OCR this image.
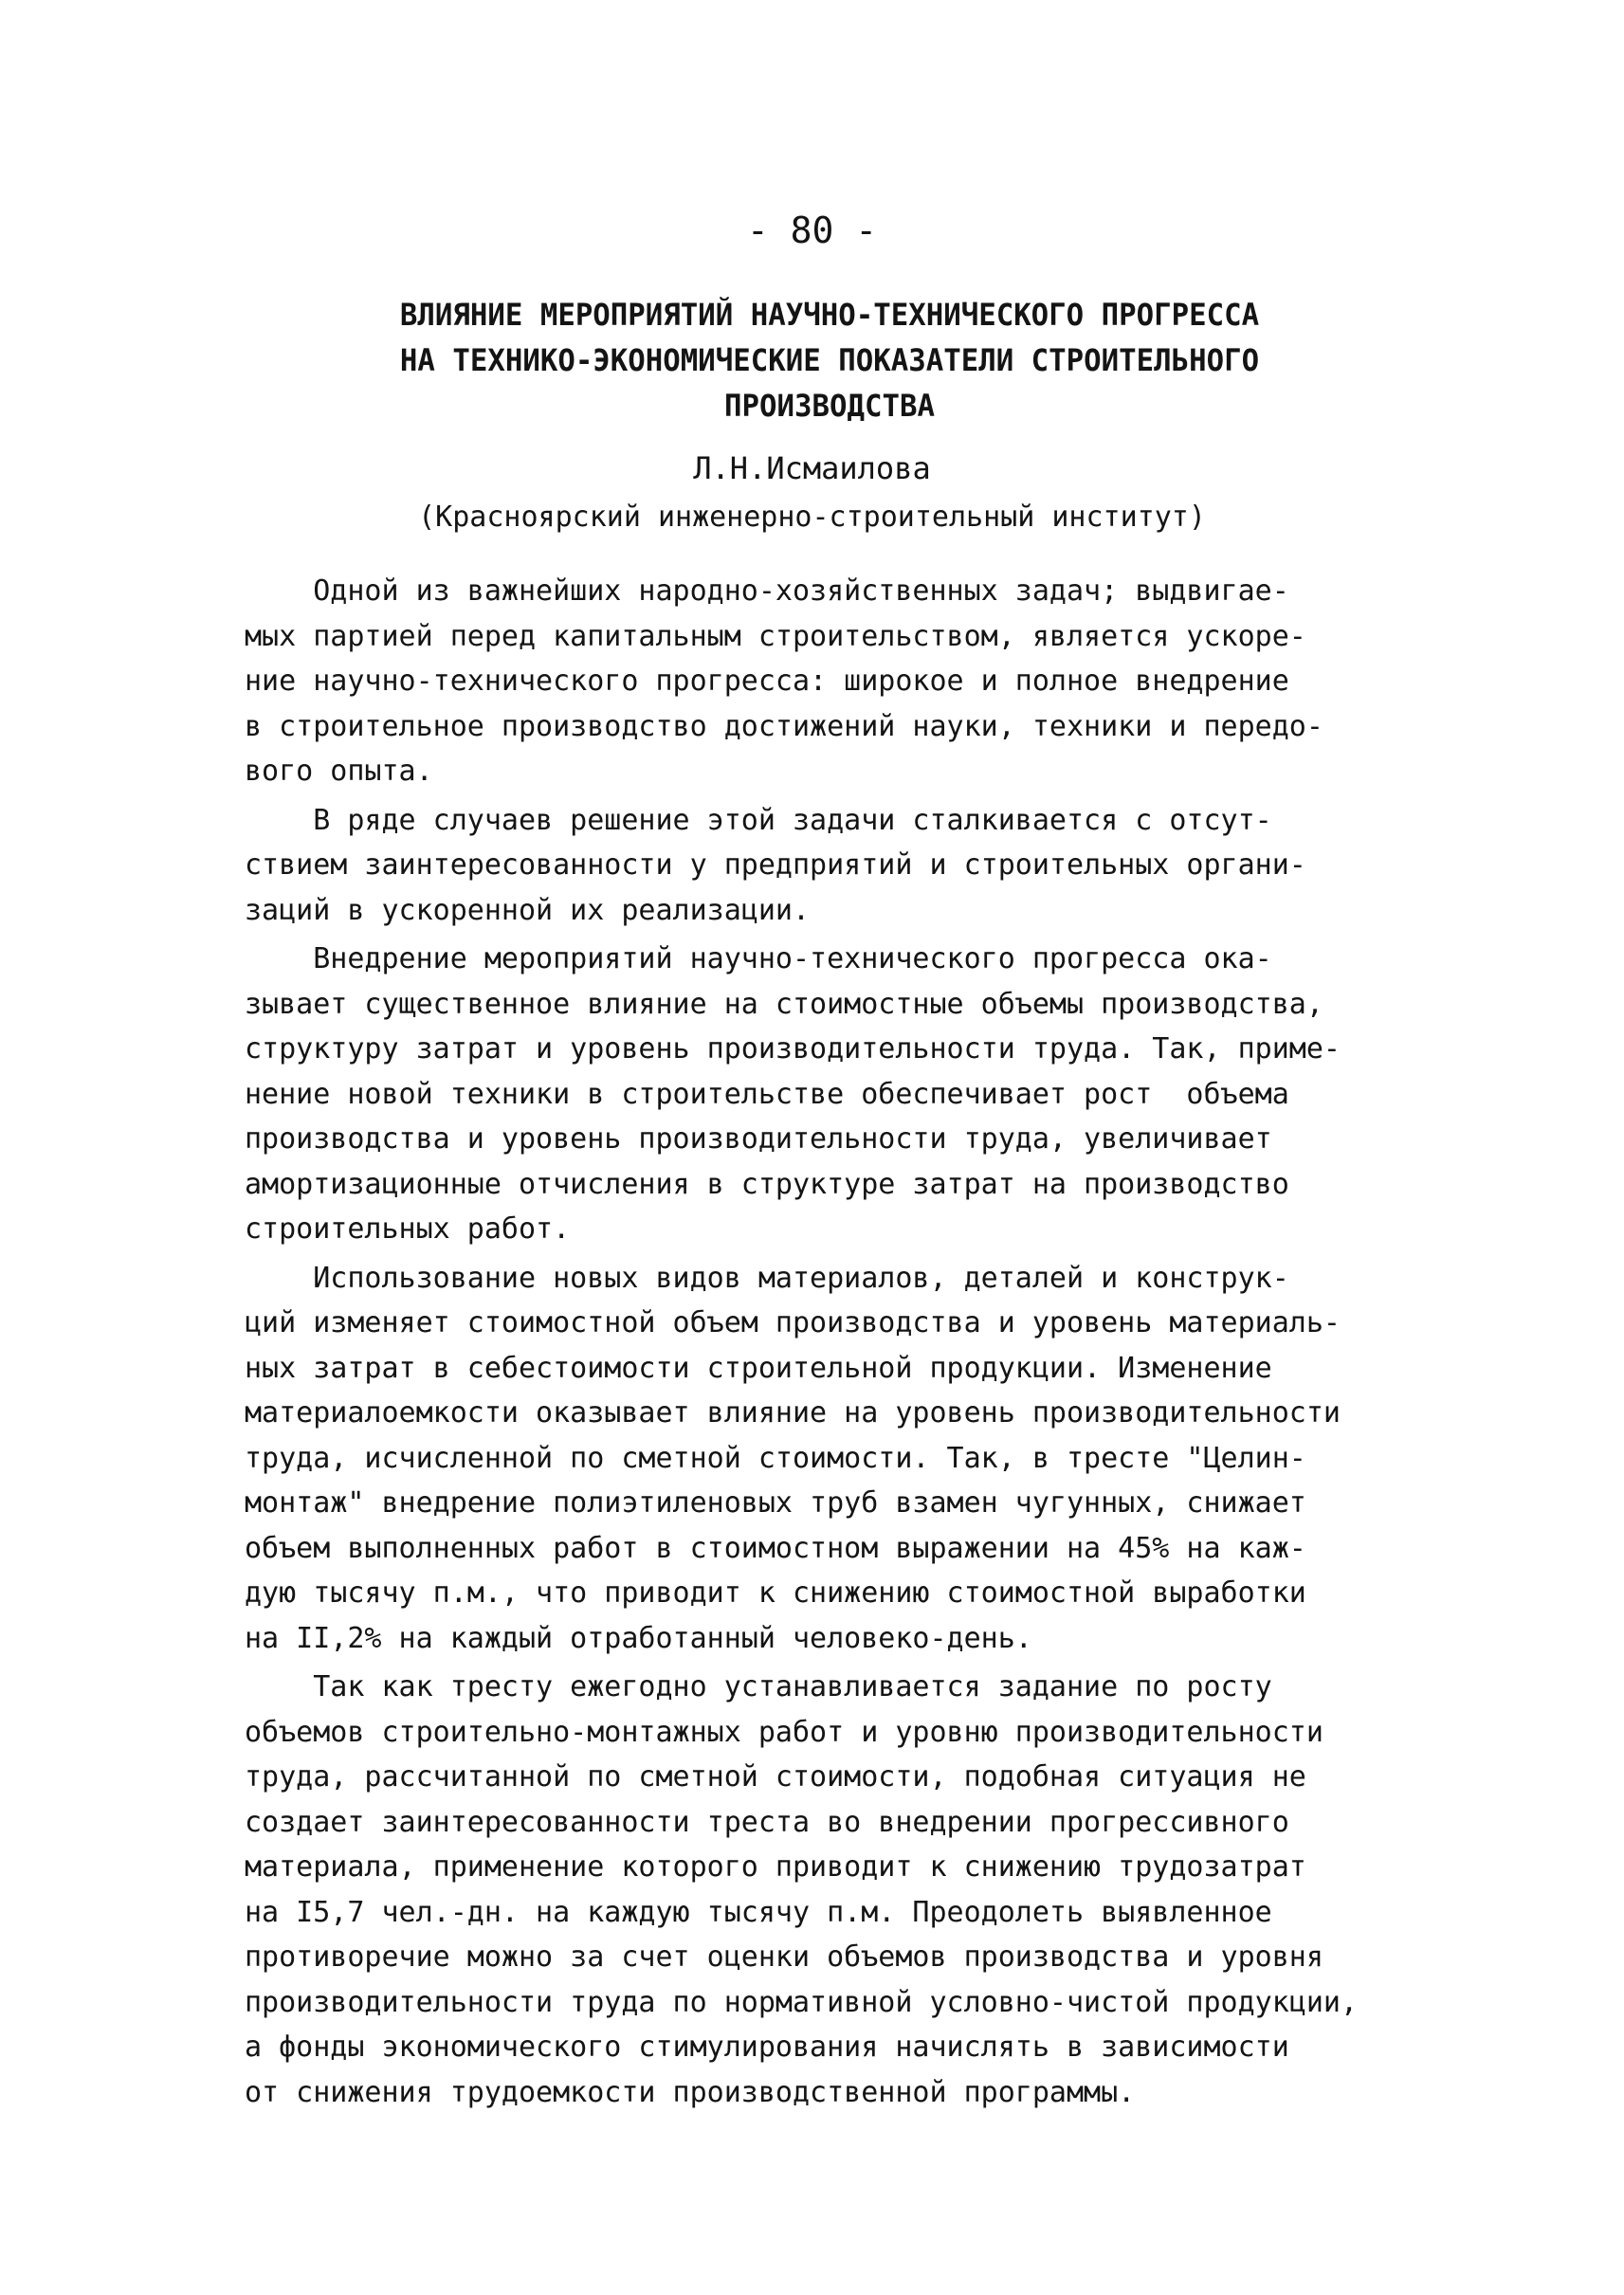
- 80 -
ВЛИЯНИЕ МЕРОПРИЯТИЙ НАУЧНО-ТЕХНИЧЕСКОГО ПРОГРЕССА
НА ТЕХНИКО-ЭКОНОМИЧЕСКИЕ ПОКАЗАТЕЛИ СТРОИТЕЛЬНОГО
ПРОИЗВОДСТВА
Л.Н.Исмаилова
(Красноярский инженерно-строительный институт)
Одной из важнейших народно-хозяйственных задач; выдвигае-
мых партией перед капитальным строительством, является ускоре-
ние научно-технического прогресса: широкое и полное внедрение
в строительное производство достижений науки, техники и передо-
вого опыта.
В ряде случаев решение этой задачи сталкивается с отсут-
ствием заинтересованности у предприятий и строительных органи-
заций в ускоренной их реализации.
Внедрение мероприятий научно-технического прогресса ока-
зывает существенное влияние на стоимостные объемы производства,
структуру затрат и уровень производительности труда. Так, приме-
нение новой техники в строительстве обеспечивает рост  объема
производства и уровень производительности труда, увеличивает
амортизационные отчисления в структуре затрат на производство
строительных работ.
Использование новых видов материалов, деталей и конструк-
ций изменяет стоимостной объем производства и уровень материаль-
ных затрат в себестоимости строительной продукции. Изменение
материалоемкости оказывает влияние на уровень производительности
труда, исчисленной по сметной стоимости. Так, в тресте "Целин-
монтаж" внедрение полиэтиленовых труб взамен чугунных, снижает
объем выполненных работ в стоимостном выражении на 45% на каж-
дую тысячу п.м., что приводит к снижению стоимостной выработки
на II,2% на каждый отработанный человеко-день.
Так как тресту ежегодно устанавливается задание по росту
объемов строительно-монтажных работ и уровню производительности
труда, рассчитанной по сметной стоимости, подобная ситуация не
создает заинтересованности треста во внедрении прогрессивного
материала, применение которого приводит к снижению трудозатрат
на I5,7 чел.-дн. на каждую тысячу п.м. Преодолеть выявленное
противоречие можно за счет оценки объемов производства и уровня
производительности труда по нормативной условно-чистой продукции,
а фонды экономического стимулирования начислять в зависимости
от снижения трудоемкости производственной программы.
